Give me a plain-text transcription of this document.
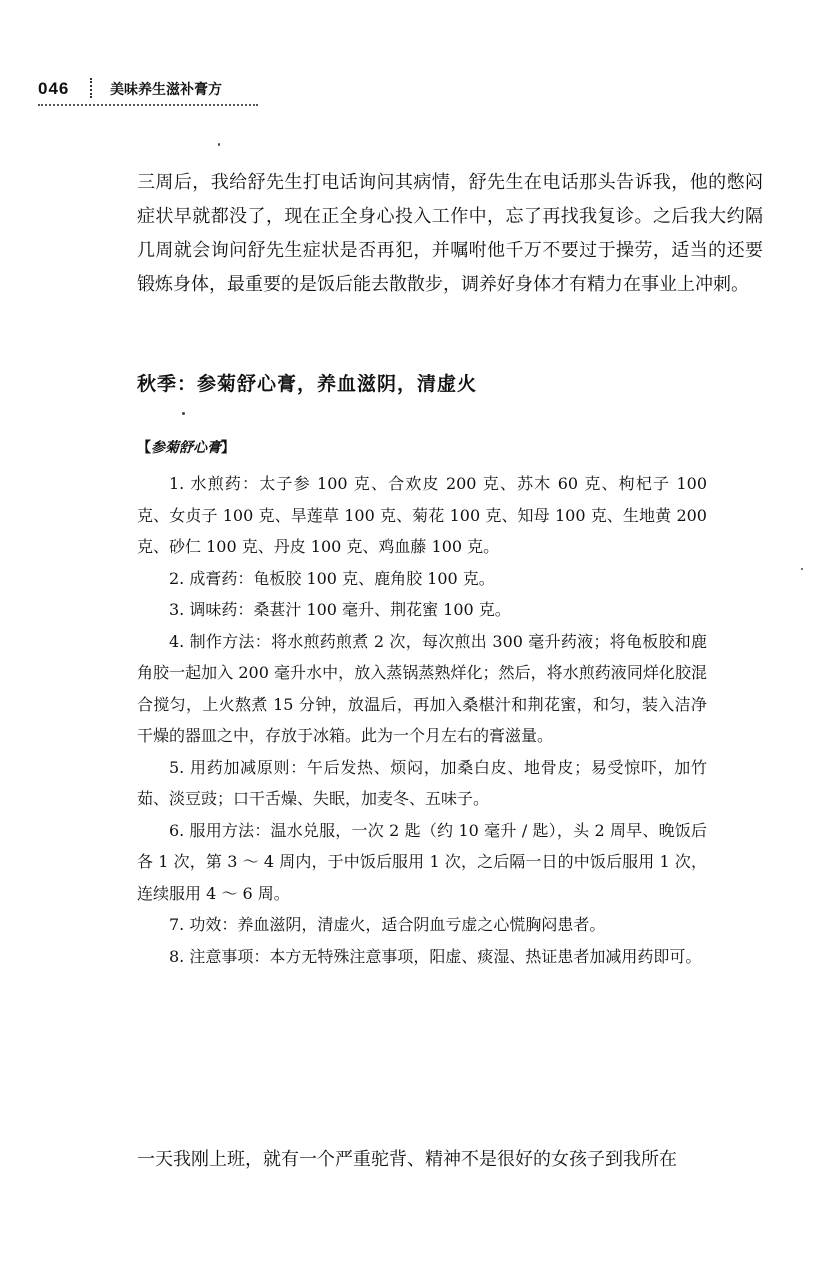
046	美味养生滋补膏方

三周后，我给舒先生打电话询问其病情，舒先生在电话那头告诉我，他的憋闷症状早就都没了，现在正全身心投入工作中，忘了再找我复诊。之后我大约隔几周就会询问舒先生症状是否再犯，并嘱咐他千万不要过于操劳，适当的还要锻炼身体，最重要的是饭后能去散散步，调养好身体才有精力在事业上冲刺。

秋季：参菊舒心膏，养血滋阴，清虚火
【参菊舒心膏】

1. 水煎药：太子参 100 克、合欢皮 200 克、苏木 60 克、枸杞子 100 克、女贞子 100 克、旱莲草 100 克、菊花 100 克、知母 100 克、生地黄 200 克、砂仁 100 克、丹皮 100 克、鸡血藤 100 克。

2. 成膏药：龟板胶 100 克、鹿角胶 100 克。

3. 调味药：桑葚汁 100 毫升、荆花蜜 100 克。

4. 制作方法：将水煎药煎煮 2 次，每次煎出 300 毫升药液；将龟板胶和鹿角胶一起加入 200 毫升水中，放入蒸锅蒸熟烊化；然后，将水煎药液同烊化胶混合搅匀，上火熬煮 15 分钟，放温后，再加入桑椹汁和荆花蜜，和匀，装入洁净干燥的器皿之中，存放于冰箱。此为一个月左右的膏滋量。

5. 用药加减原则：午后发热、烦闷，加桑白皮、地骨皮；易受惊吓，加竹茹、淡豆豉；口干舌燥、失眠，加麦冬、五味子。

6. 服用方法：温水兑服，一次 2 匙（约 10 毫升 / 匙），头 2 周早、晚饭后各 1 次，第 3 ～ 4 周内，于中饭后服用 1 次，之后隔一日的中饭后服用 1 次，连续服用 4 ～ 6 周。

7. 功效：养血滋阴，清虚火，适合阴血亏虚之心慌胸闷患者。

8. 注意事项：本方无特殊注意事项，阳虚、痰湿、热证患者加减用药即可。

一天我刚上班，就有一个严重驼背、精神不是很好的女孩子到我所在
